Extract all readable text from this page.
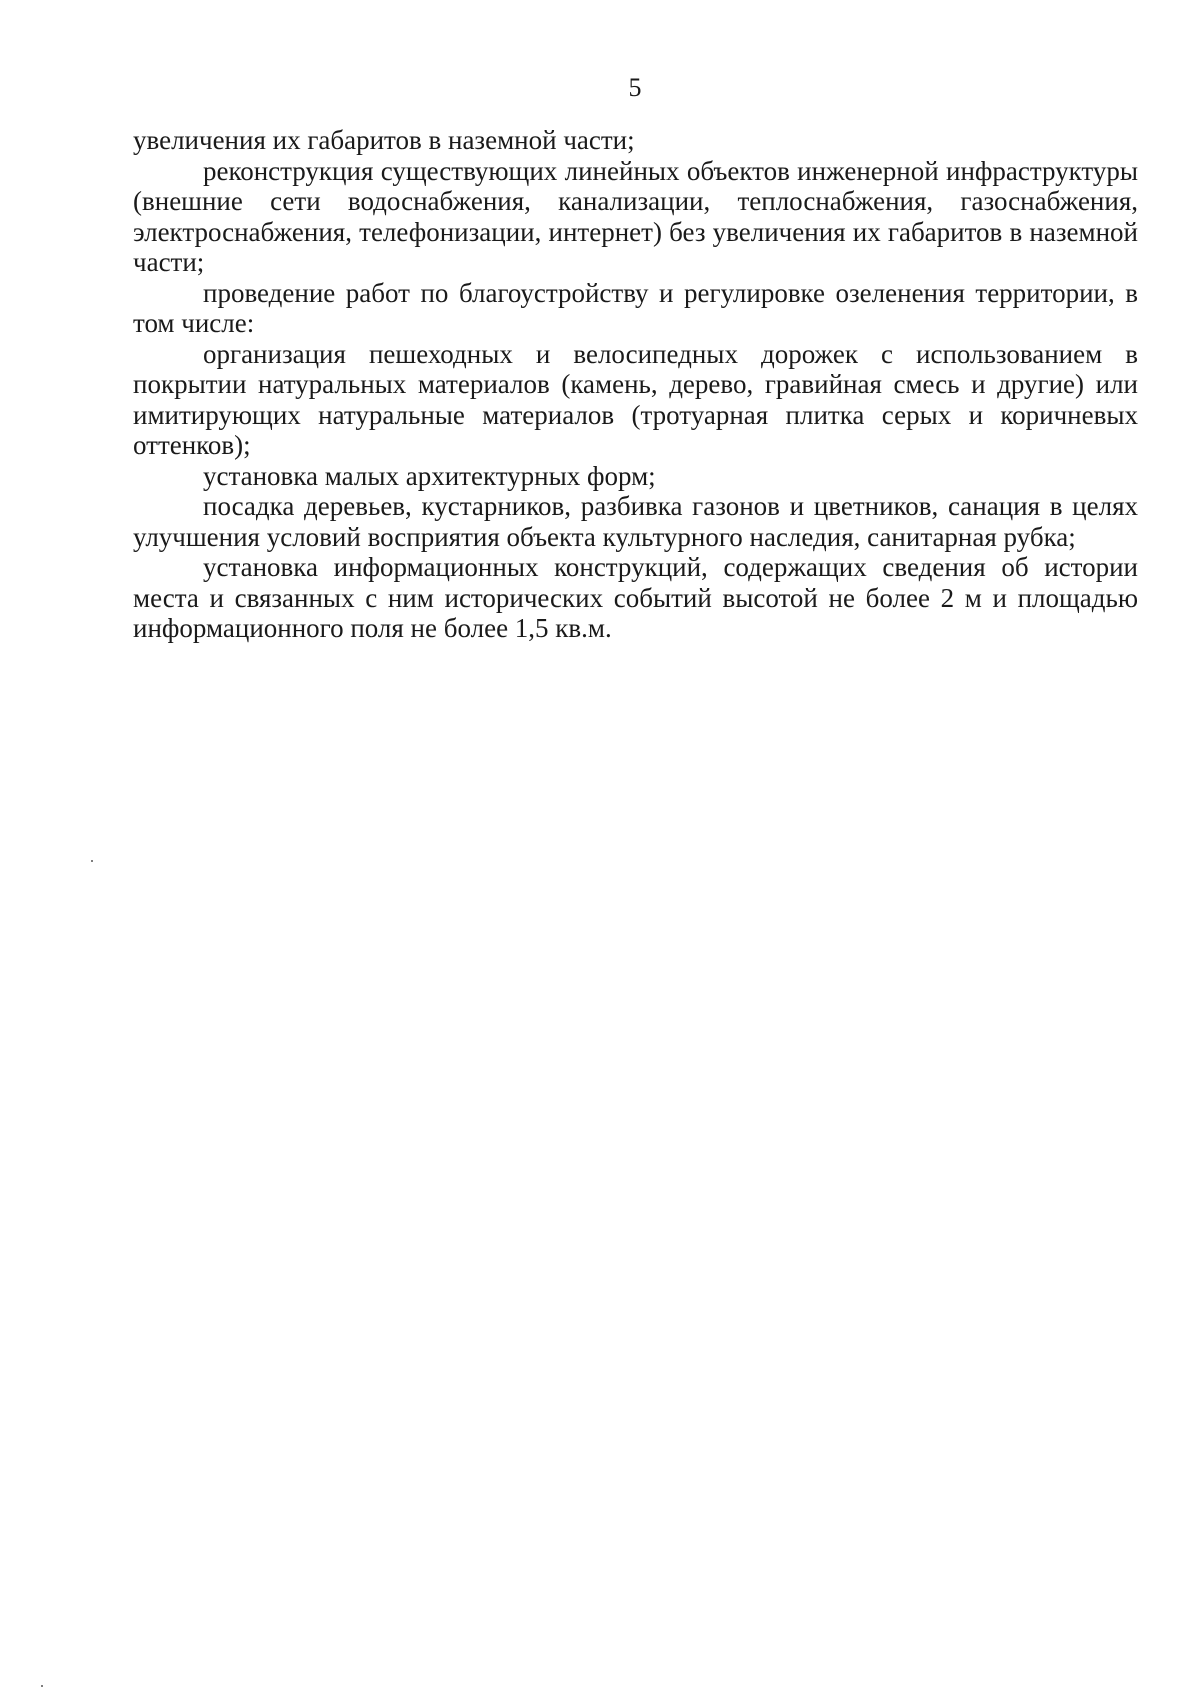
5

увеличения их габаритов в наземной части;

реконструкция существующих линейных объектов инженерной инфраструктуры (внешние сети водоснабжения, канализации, теплоснабжения, газоснабжения, электроснабжения, телефонизации, интернет) без увеличения их габаритов в наземной части;

проведение работ по благоустройству и регулировке озеленения территории, в том числе:

организация пешеходных и велосипедных дорожек с использованием в покрытии натуральных материалов (камень, дерево, гравийная смесь и другие) или имитирующих натуральные материалов (тротуарная плитка серых и коричневых оттенков);

установка малых архитектурных форм;

посадка деревьев, кустарников, разбивка газонов и цветников, санация в целях улучшения условий восприятия объекта культурного наследия, санитарная рубка;

установка информационных конструкций, содержащих сведения об истории места и связанных с ним исторических событий высотой не более 2 м и площадью информационного поля не более 1,5 кв.м.
